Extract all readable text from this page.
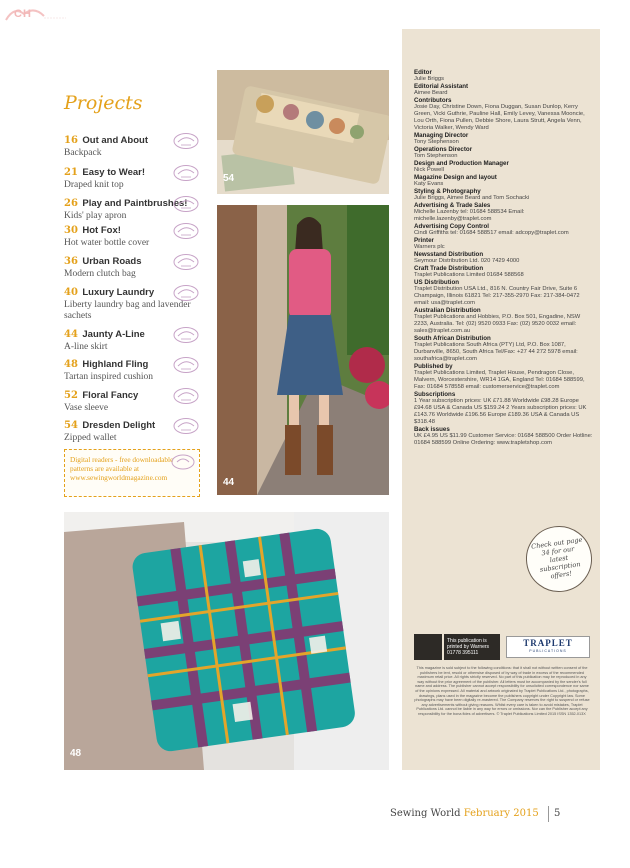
CH
Projects
16 Out and About
Backpack
21 Easy to Wear!
Draped knit top
26 Play and Paintbrushes!
Kids' play apron
30 Hot Fox!
Hot water bottle cover
36 Urban Roads
Modern clutch bag
40 Luxury Laundry
Liberty laundry bag and lavender sachets
44 Jaunty A-Line
A-line skirt
48 Highland Fling
Tartan inspired cushion
52 Floral Fancy
Vase sleeve
54 Dresden Delight
Zipped wallet
Digital readers - free downloadable patterns are available at www.sewingworldmagazine.com
54
44
48
Editor
Julie Briggs
Editorial Assistant
Aimee Beard
Contributors
Josie Day, Christine Down, Fiona Duggan, Susan Dunlop, Kerry Green, Vicki Guthrie, Pauline Hall, Emily Levey, Vanessa Mooncie, Lou Orth, Fiona Pullen, Debbie Shore, Laura Strutt, Angela Venn, Victoria Walker, Wendy Ward
Managing Director
Tony Stephenson
Operations Director
Tom Stephenson
Design and Production Manager
Nick Powell
Magazine Design and layout
Katy Evans
Styling & Photography
Julie Briggs, Aimee Beard and Tom Sochacki
Advertising & Trade Sales
Michelle Lazenby tel: 01684 588534 Email: michelle.lazenby@traplet.com
Advertising Copy Control
Cindi Griffiths tel: 01684 588517 email: adcopy@traplet.com
Printer
Warners plc
Newsstand Distribution
Seymour Distribution Ltd. 020 7429 4000
Craft Trade Distribution
Traplet Publications Limited 01684 588568
US Distribution
Traplet Distribution USA Ltd., 816 N. Country Fair Drive, Suite 6 Champaign, Illinois 61821 Tel: 217-355-2970 Fax: 217-384-0472 email: usa@traplet.com
Australian Distribution
Traplet Publications and Hobbies, P.O. Box 501, Engadine, NSW 2233, Australia. Tel: (02) 9520 0933 Fax: (02) 9520 0032 email: sales@traplet.com.au
South African Distribution
Traplet Publications South Africa (PTY) Ltd, P.O. Box 1087, Durbanville, 8650, South Africa Tel/Fax: +27 44 272 5978 email: southafrica@traplet.com
Published by
Traplet Publications Limited, Traplet House, Pendragon Close, Malvern, Worcestershire, WR14 1GA, England Tel: 01684 588599, Fax: 01684 578558 email: customerservice@traplet.com
Subscriptions
1 Year subscription prices: UK £71.88 Worldwide £98.28 Europe £94.68 USA & Canada US $159.24 2 Years subscription prices: UK £143.76 Worldwide £196.56 Europe £189.36 USA & Canada US $318.48
Back issues
UK £4.95 US $11.99 Customer Service: 01684 588500 Order Hotline: 01684 588599 Online Ordering: www.trapletshop.com
Check out page 34 for our latest subscription offers!
This publication is printed by Warners 01778 395111
TRAPLET
PUBLICATIONS
This magazine is sold subject to the following conditions: that it shall not without written consent of the publishers be lent, resold or otherwise disposed of by way of trade in excess of the recommended maximum retail price. All rights strictly reserved. No part of this publication may be reproduced in any way without the prior agreement of the publisher. All letters must be accompanied by the sender's full name and address. The publisher cannot accept responsibility for unsolicited correspondence nor same of the opinions expressed. All material and artwork originated by Traplet Publications Ltd., photographs, drawings, plans used in the magazine become the publishers copyright under Copyright law. Some photographs may have been digitally re-mastered. The Company reserves the right to suspend or refuse any advertisements without giving reasons. Whilst every care is taken to avoid mistakes, Traplet Publications Ltd. cannot be liable in any way for errors or omissions. Nor can the Publisher accept any responsibility for the bona fides of advertisers. © Traplet Publications Limited 2015 ISSN 1352-013X
Sewing World February 2015 5
